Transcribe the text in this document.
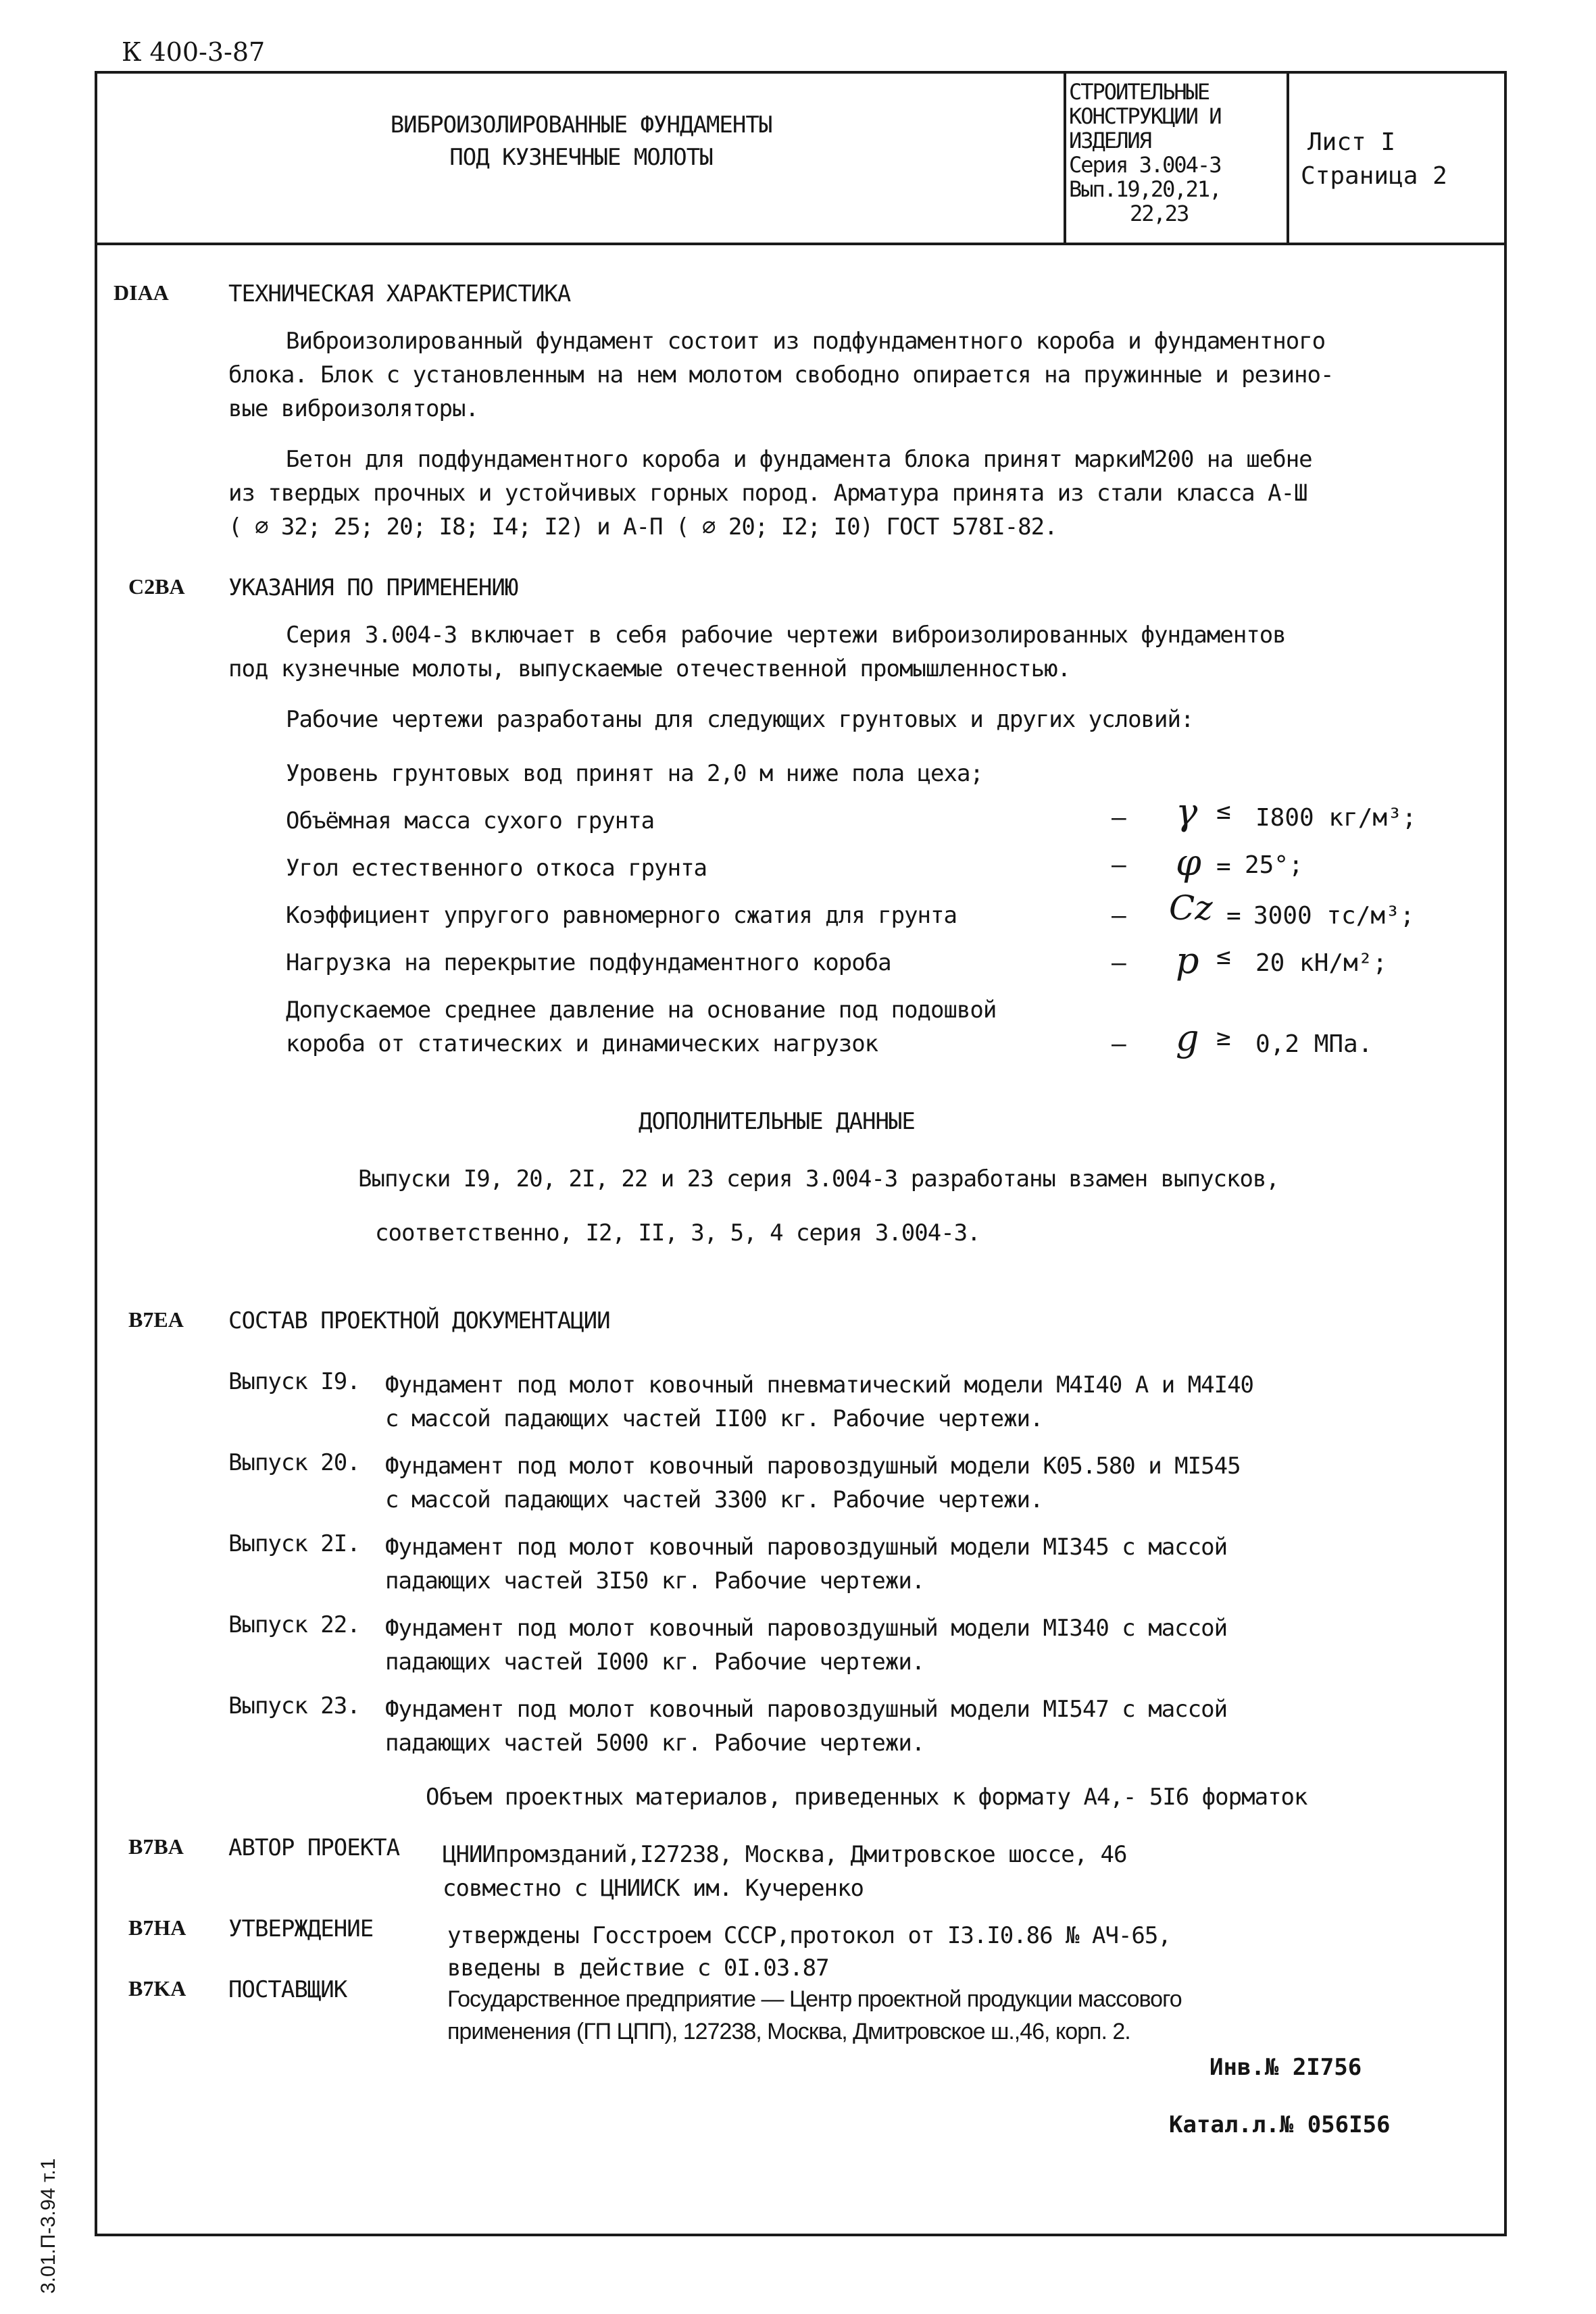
К 400-3-87
ВИБРОИЗОЛИРОВАННЫЕ ФУНДАМЕНТЫ
ПОД КУЗНЕЧНЫЕ МОЛОТЫ
СТРОИТЕЛЬНЫЕ
КОНСТРУКЦИИ И
ИЗДЕЛИЯ
Серия 3.004-3
Вып.19,20,21,
22,23
Лист I
Страница 2
DIAA	ТЕХНИЧЕСКАЯ ХАРАКТЕРИСТИКА
Виброизолированный фундамент состоит из подфундаментного короба и фундаментного
блока. Блок с установленным на нем молотом свободно опирается на пружинные и резино-
вые виброизоляторы.
Бетон для подфундаментного короба и фундамента блока принят маркиМ200 на шебне
из твердых прочных и устойчивых горных пород. Арматура принята из стали класса А-Ш
( ∅ 32; 25; 20; I8; I4; I2) и А-П ( ∅ 20; I2; I0) ГОСТ 578I-82.
C2BA УКАЗАНИЯ ПО ПРИМЕНЕНИЮ
Серия 3.004-3 включает в себя рабочие чертежи виброизолированных фундаментов
под кузнечные молоты, выпускаемые отечественной промышленностью.
Рабочие чертежи разработаны для следующих грунтовых и других условий:
Уровень грунтовых вод принят на 2,0 м ниже пола цеха;
Объёмная масса сухого грунта	— γ ≤ I800 кг/м³;
Угол естественного откоса грунта	— φ = 25°;
Коэффициент упругого равномерного сжатия для грунта	— Cz = 3000 тс/м³;
Нагрузка на перекрытие подфундаментного короба	— p ≤ 20 кН/м²;
Допускаемое среднее давление на основание под подошвой
короба от статических и динамических нагрузок	— g ≥ 0,2 МПа.
ДОПОЛНИТЕЛЬНЫЕ ДАННЫЕ
Выпуски I9, 20, 2I, 22 и 23 серия 3.004-3 разработаны взамен выпусков,
соответственно, I2, II, 3, 5, 4 серия 3.004-3.
B7EA СОСТАВ ПРОЕКТНОЙ ДОКУМЕНТАЦИИ
Выпуск I9. Фундамент под молот ковочный пневматический модели М4I40 А и М4I40
с массой падающих частей II00 кг. Рабочие чертежи.
Выпуск 20. Фундамент под молот ковочный паровоздушный модели К05.580 и МI545
с массой падающих частей 3300 кг. Рабочие чертежи.
Выпуск 2I. Фундамент под молот ковочный паровоздушный модели МI345 с массой
падающих частей 3I50 кг. Рабочие чертежи.
Выпуск 22. Фундамент под молот ковочный паровоздушный модели МI340 с массой
падающих частей I000 кг. Рабочие чертежи.
Выпуск 23. Фундамент под молот ковочный паровоздушный модели МI547 с массой
падающих частей 5000 кг. Рабочие чертежи.
Объем проектных материалов, приведенных к формату А4,- 5I6 форматок
B7BA АВТОР ПРОЕКТА ЦНИИпромзданий,I27238, Москва, Дмитровское шоссе, 46
совместно с ЦНИИСК им. Кучеренко
B7HA УТВЕРЖДЕНИЕ	утверждены Госстроем СССР,протокол от I3.I0.86 № АЧ-65,
введены в действие с 0I.03.87
B7KA ПОСТАВЩИК	Государственное предприятие — Центр проектной продукции массового
применения (ГП ЦПП), 127238, Москва, Дмитровское ш.,46, корп. 2.
Инв.№ 2I756
Катал.л.№ 056I56
3.01.П-3.94 т.1
